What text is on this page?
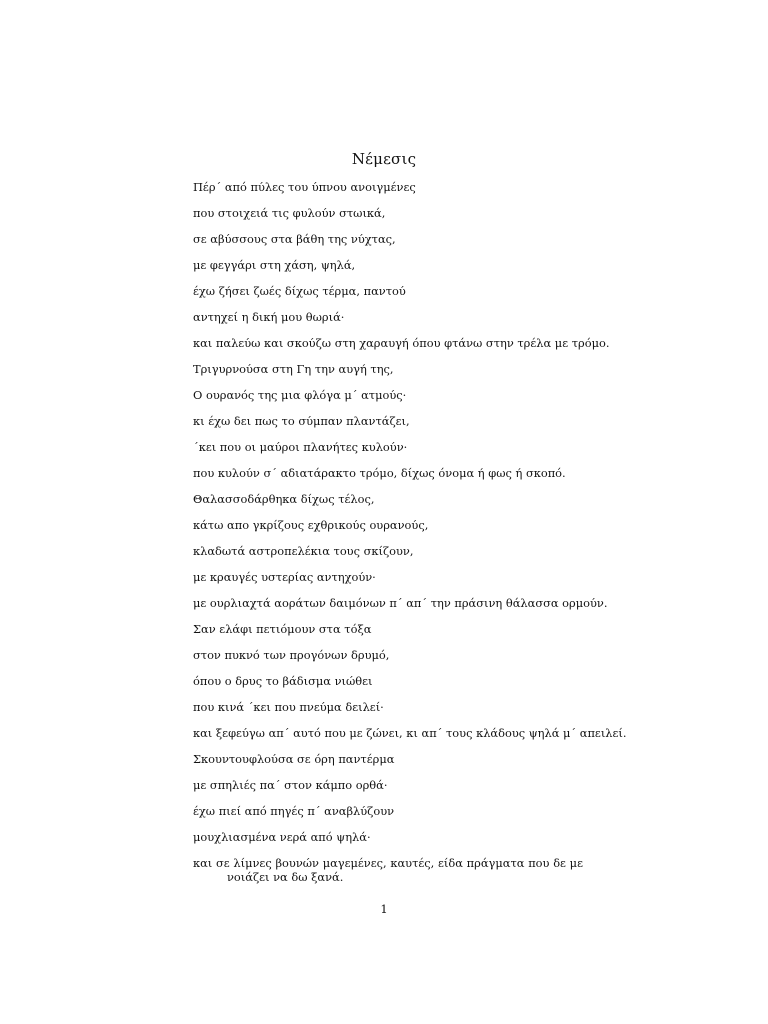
Νέμεσις
Πέρ΄ από πύλες του ύπνου ανοιγμένες
που στοιχειά τις φυλούν στωικά,
σε αβύσσους στα βάθη της νύχτας,
με φεγγάρι στη χάση, ψηλά,
έχω ζήσει ζωές δίχως τέρμα, παντού
αντηχεί η δική μου θωριά·
και παλεύω και σκούζω στη χαραυγή όπου φτάνω στην τρέλα με τρόμο.
Τριγυρνούσα στη Γη την αυγή της,
Ο ουρανός της μια φλόγα μ΄ ατμούς·
κι έχω δει πως το σύμπαν πλαντάζει,
΄κει που οι μαύροι πλανήτες κυλούν·
που κυλούν σ΄ αδιατάρακτο τρόμο, δίχως όνομα ή φως ή σκοπό.
Θαλασσοδάρθηκα δίχως τέλος,
κάτω απο γκρίζους εχθρικούς ουρανούς,
κλαδωτά αστροπελέκια τους σκίζουν,
με κραυγές υστερίας αντηχούν·
με ουρλιαχτά αοράτων δαιμόνων π΄ απ΄ την πράσινη θάλασσα ορμούν.
Σαν ελάφι πετιόμουν στα τόξα
στον πυκνό των προγόνων δρυμό,
όπου ο δρυς το βάδισμα νιώθει
που κινά ΄κει που πνεύμα δειλεί·
και ξεφεύγω απ΄ αυτό που με ζώνει, κι απ΄ τους κλάδους ψηλά μ΄ απειλεί.
Σκουντουφλούσα σε όρη παντέρμα
με σπηλιές πα΄ στον κάμπο ορθά·
έχω πιεί από πηγές π΄ αναβλύζουν
μουχλιασμένα νερά από ψηλά·
και σε λίμνες βουνών μαγεμένες, καυτές, είδα πράγματα που δε με νοιάζει να δω ξανά.
1
